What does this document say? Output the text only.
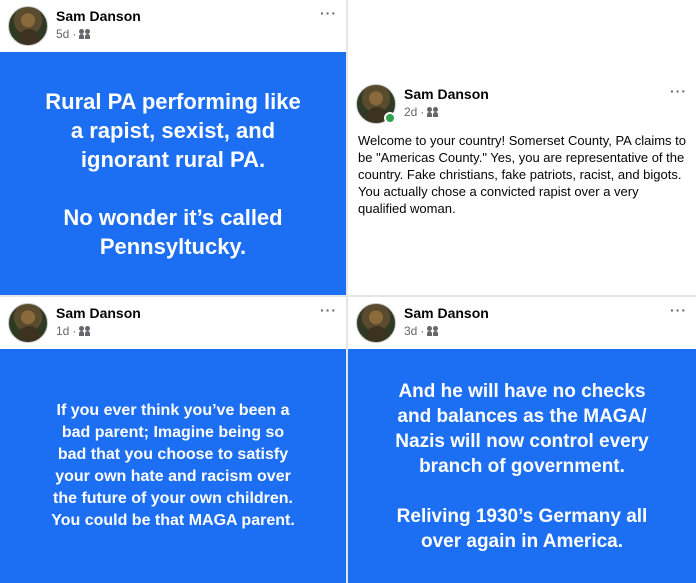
Sam Danson
5d ·
···
Rural PA performing like
a rapist, sexist, and
ignorant rural PA.

No wonder it’s called
Pennsyltucky.
Sam Danson
2d ·
···
Welcome to your country! Somerset County, PA claims to be "Americas County." Yes, you are representative of the country. Fake christians, fake patriots, racist, and bigots. You actually chose a convicted rapist over a very qualified woman.
Sam Danson
1d ·
···
If you ever think you’ve been a
bad parent; Imagine being so
bad that you choose to satisfy
your own hate and racism over
the future of your own children.
You could be that MAGA parent.
Sam Danson
3d ·
···
And he will have no checks
and balances as the MAGA/
Nazis will now control every
branch of government.

Reliving 1930’s Germany all
over again in America.
